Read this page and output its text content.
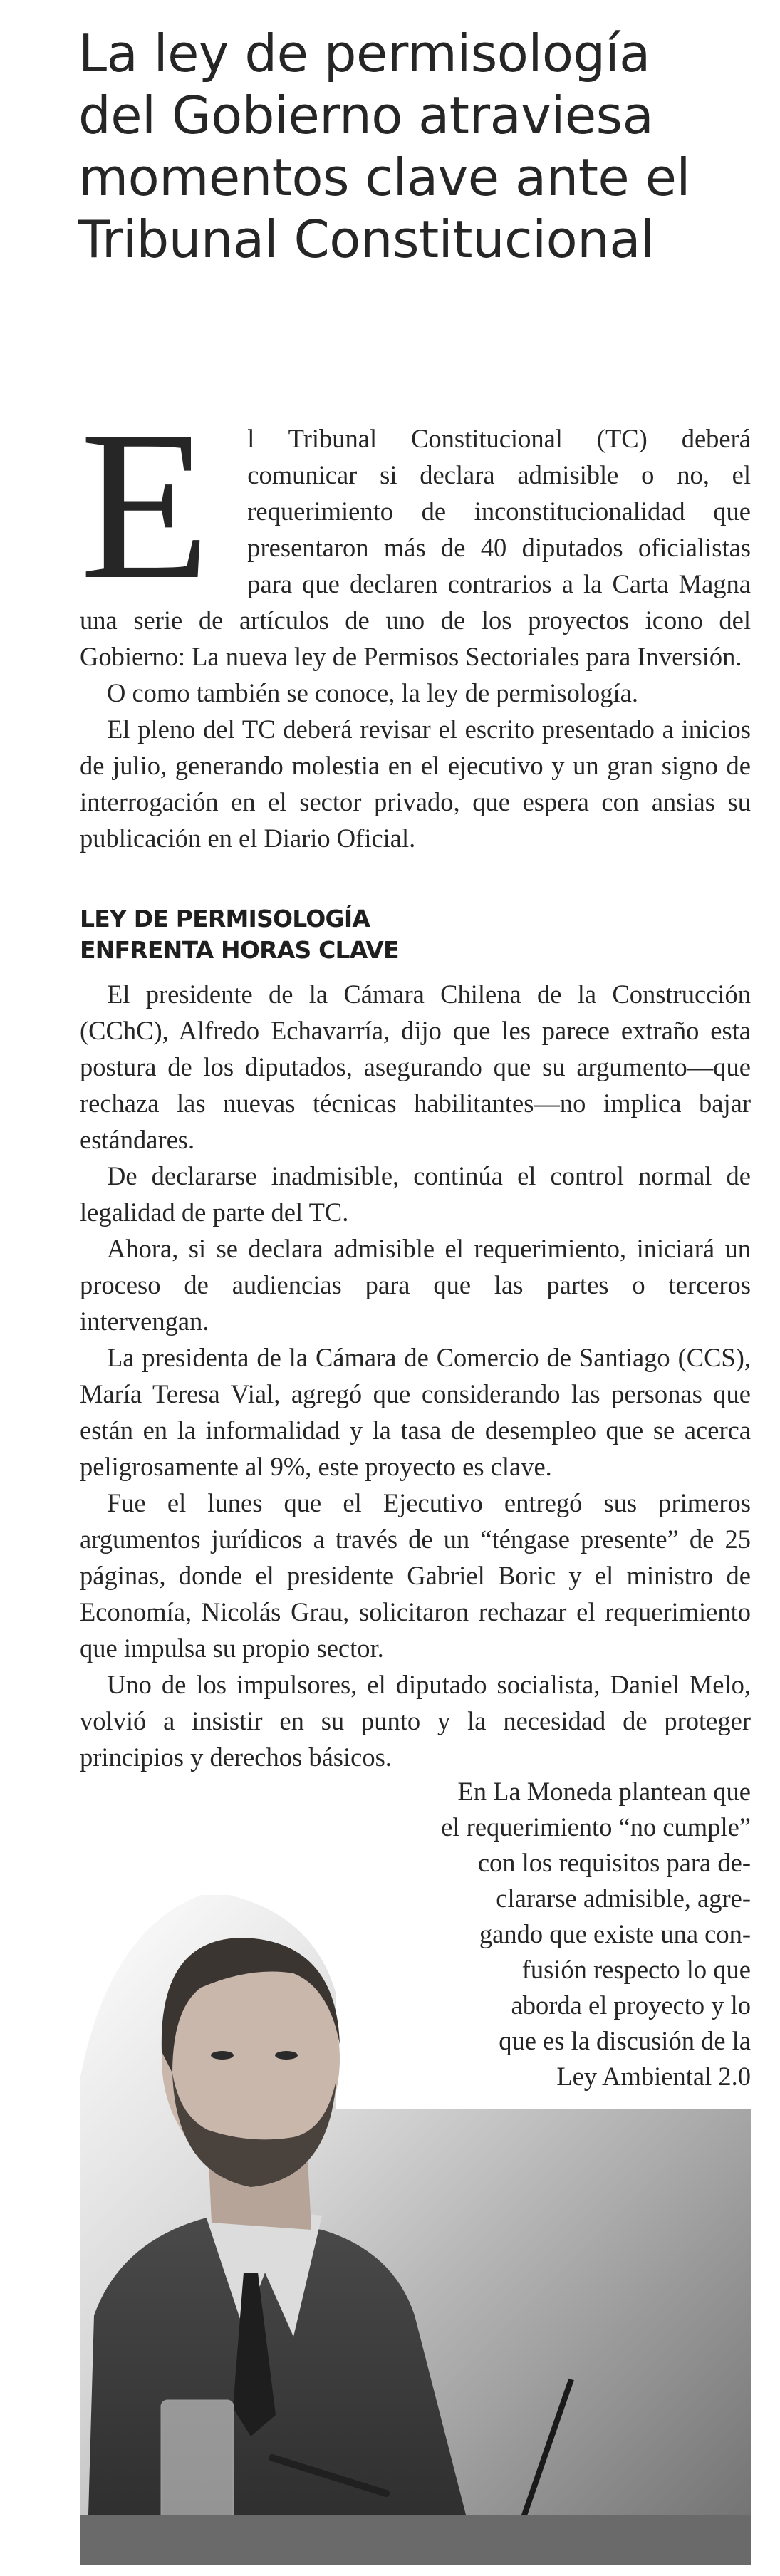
La ley de permisología del Gobierno atraviesa momentos clave ante el Tribunal Constitucional
E	l Tribunal Constitucional (TC) deberá comunicar si declara admisible o no, el requerimiento de inconstitucionalidad que presentaron más de 40 diputados oficialistas para que declaren contrarios a la Carta Magna una serie de artículos de uno de los proyectos icono del Gobierno: La nueva ley de Permisos Sectoriales para Inversión.

O como también se conoce, la ley de permisología.

El pleno del TC deberá revisar el escrito presentado a inicios de julio, generando molestia en el ejecutivo y un gran signo de interrogación en el sector privado, que espera con ansias su publicación en el Diario Oficial.

LEY DE PERMISOLOGÍA
ENFRENTA HORAS CLAVE

El presidente de la Cámara Chilena de la Construcción (CChC), Alfredo Echavarría, dijo que les parece extraño esta postura de los diputados, asegurando que su argumento—que rechaza las nuevas técnicas habilitantes—no implica bajar estándares.

De declararse inadmisible, continúa el control normal de legalidad de parte del TC.

Ahora, si se declara admisible el requerimiento, iniciará un proceso de audiencias para que las partes o terceros intervengan.

La presidenta de la Cámara de Comercio de Santiago (CCS), María Teresa Vial, agregó que considerando las personas que están en la informalidad y la tasa de desempleo que se acerca peligrosamente al 9%, este proyecto es clave.

Fue el lunes que el Ejecutivo entregó sus primeros argumentos jurídicos a través de un “téngase presente” de 25 páginas, donde el presidente Gabriel Boric y el ministro de Economía, Nicolás Grau, solicitaron rechazar el requerimiento que impulsa su propio sector.

Uno de los impulsores, el diputado socialista, Daniel Melo, volvió a insistir en su punto y la necesidad de proteger principios y derechos básicos.

En La Moneda plantean que
el requerimiento “no cumple”
con los requisitos para de-
clararse admisible, agre-
gando que existe una con-
fusión respecto lo que
aborda el proyecto y lo
que es la discusión de la
Ley Ambiental 2.0
